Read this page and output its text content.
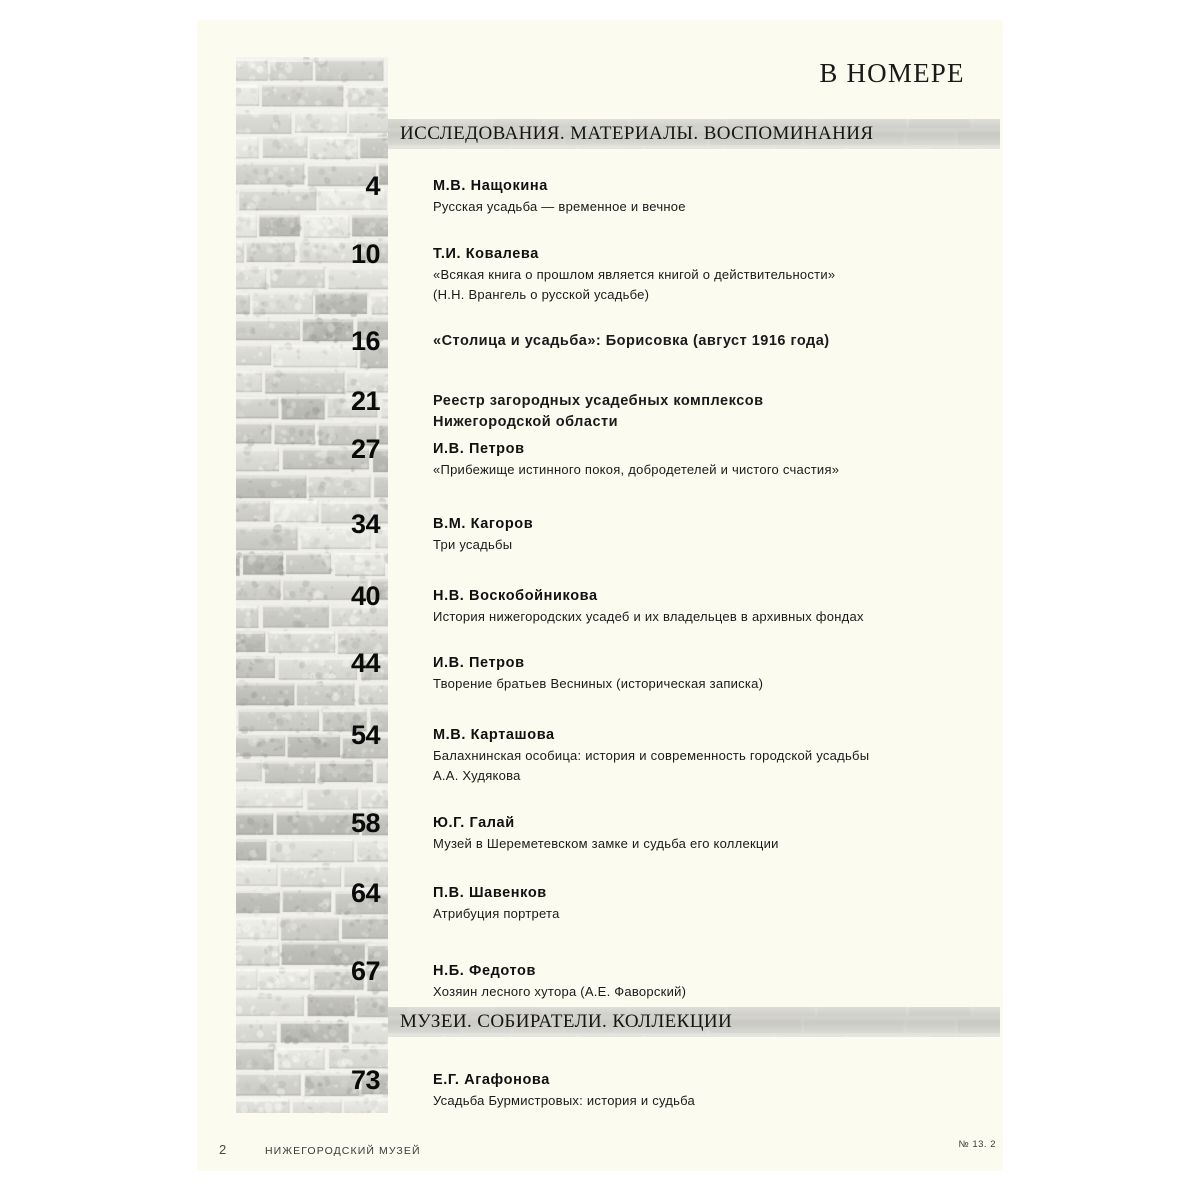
В НОМЕРЕ
ИССЛЕДОВАНИЯ. МАТЕРИАЛЫ. ВОСПОМИНАНИЯ
4	М.В. Нащокина
Русская усадьба — временное и вечное
10	Т.И. Ковалева
«Всякая книга о прошлом является книгой о действительности»
(Н.Н. Врангель о русской усадьбе)
16	«Столица и усадьба»: Борисовка (август 1916 года)
21	Реестр загородных усадебных комплексов
Нижегородской области
27	И.В. Петров
«Прибежище истинного покоя, добродетелей и чистого счастия»
34	В.М. Кагоров
Три усадьбы
40	Н.В. Воскобойникова
История нижегородских усадеб и их владельцев в архивных фондах
44	И.В. Петров
Творение братьев Весниных (историческая записка)
54	М.В. Карташова
Балахнинская особица: история и современность городской усадьбы
А.А. Худякова
58	Ю.Г. Галай
Музей в Шереметевском замке и судьба его коллекции
64	П.В. Шавенков
Атрибуция портрета
67	Н.Б. Федотов
Хозяин лесного хутора (А.Е. Фаворский)
МУЗЕИ. СОБИРАТЕЛИ. КОЛЛЕКЦИИ
73	Е.Г. Агафонова
Усадьба Бурмистровых: история и судьба
2	НИЖЕГОРОДСКИЙ МУЗЕЙ
№ 13. 2
